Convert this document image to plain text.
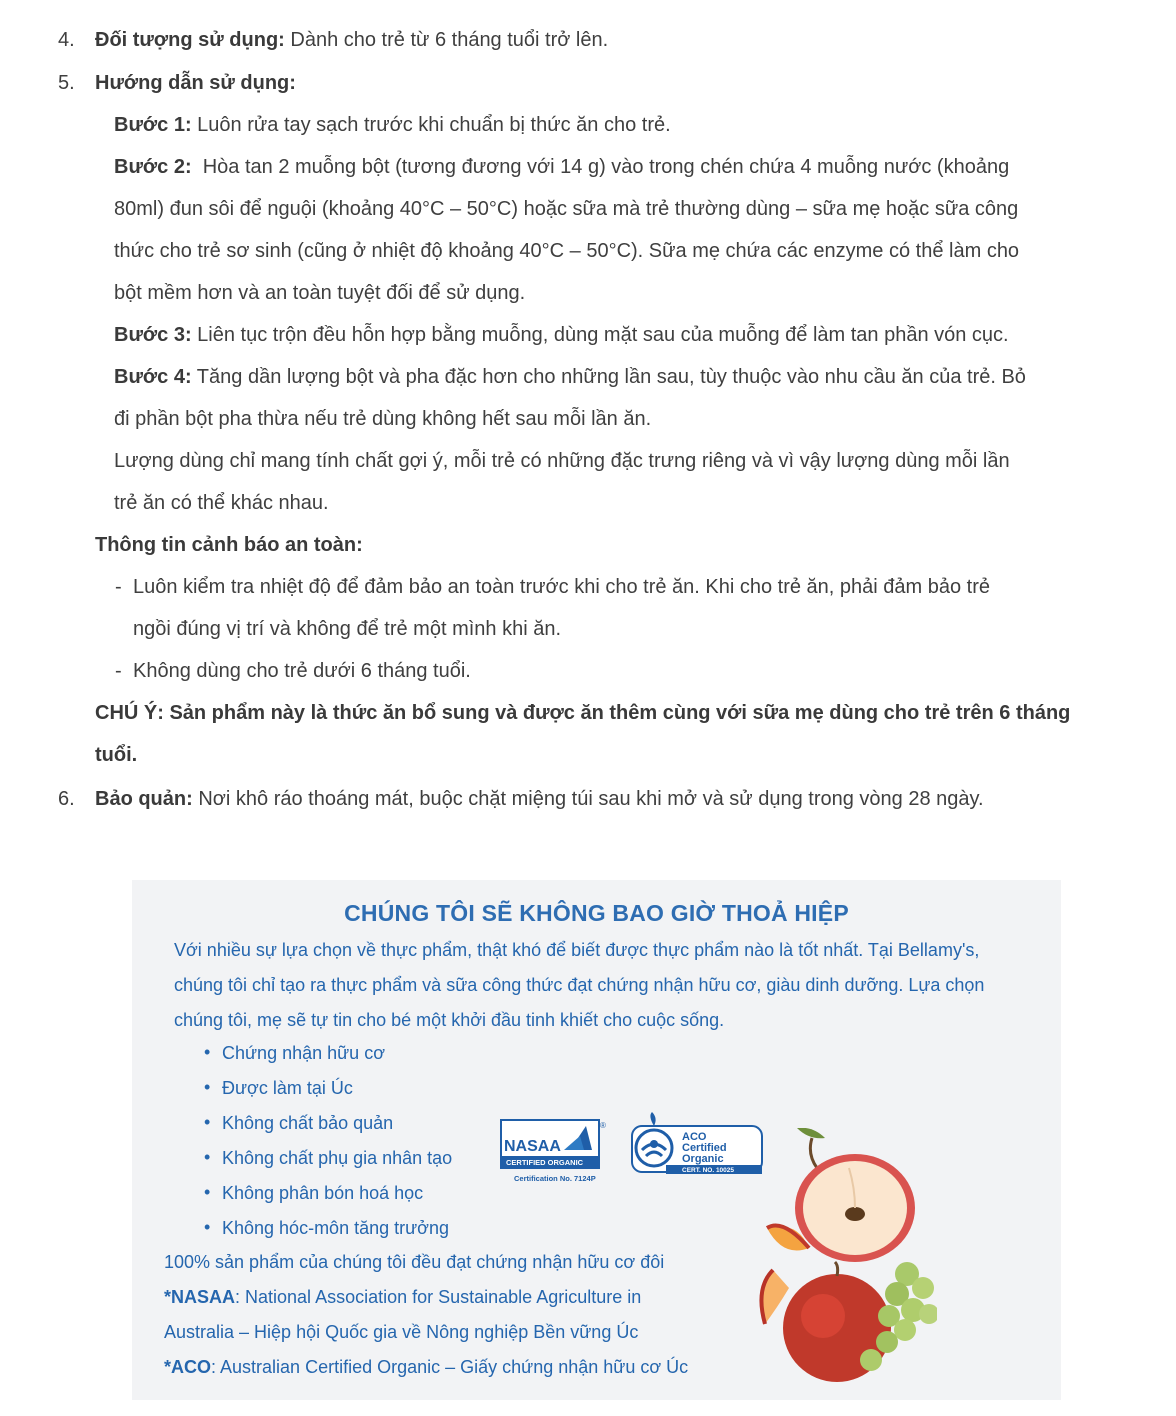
4. Đối tượng sử dụng: Dành cho trẻ từ 6 tháng tuổi trở lên.
5. Hướng dẫn sử dụng:
Bước 1: Luôn rửa tay sạch trước khi chuẩn bị thức ăn cho trẻ.
Bước 2:  Hòa tan 2 muỗng bột (tương đương với 14 g) vào trong chén chứa 4 muỗng nước (khoảng
80ml) đun sôi để nguội (khoảng 40°C – 50°C) hoặc sữa mà trẻ thường dùng – sữa mẹ hoặc sữa công
thức cho trẻ sơ sinh (cũng ở nhiệt độ khoảng 40°C – 50°C). Sữa mẹ chứa các enzyme có thể làm cho
bột mềm hơn và an toàn tuyệt đối để sử dụng.
Bước 3: Liên tục trộn đều hỗn hợp bằng muỗng, dùng mặt sau của muỗng để làm tan phần vón cục.
Bước 4: Tăng dần lượng bột và pha đặc hơn cho những lần sau, tùy thuộc vào nhu cầu ăn của trẻ. Bỏ
đi phần bột pha thừa nếu trẻ dùng không hết sau mỗi lần ăn.
Lượng dùng chỉ mang tính chất gợi ý, mỗi trẻ có những đặc trưng riêng và vì vậy lượng dùng mỗi lần
trẻ ăn có thể khác nhau.
Thông tin cảnh báo an toàn:
- Luôn kiểm tra nhiệt độ để đảm bảo an toàn trước khi cho trẻ ăn. Khi cho trẻ ăn, phải đảm bảo trẻ
ngồi đúng vị trí và không để trẻ một mình khi ăn.
- Không dùng cho trẻ dưới 6 tháng tuổi.
CHÚ Ý: Sản phẩm này là thức ăn bổ sung và được ăn thêm cùng với sữa mẹ dùng cho trẻ trên 6 tháng
tuổi.
6. Bảo quản: Nơi khô ráo thoáng mát, buộc chặt miệng túi sau khi mở và sử dụng trong vòng 28 ngày.
CHÚNG TÔI SẼ KHÔNG BAO GIỜ THOẢ HIỆP
Với nhiều sự lựa chọn về thực phẩm, thật khó để biết được thực phẩm nào là tốt nhất. Tại Bellamy's,
chúng tôi chỉ tạo ra thực phẩm và sữa công thức đạt chứng nhận hữu cơ, giàu dinh dưỡng. Lựa chọn
chúng tôi, mẹ sẽ tự tin cho bé một khởi đầu tinh khiết cho cuộc sống.
• Chứng nhận hữu cơ
• Được làm tại Úc
• Không chất bảo quản
• Không chất phụ gia nhân tạo
• Không phân bón hoá học
• Không hóc-môn tăng trưởng
100% sản phẩm của chúng tôi đều đạt chứng nhận hữu cơ đôi
*NASAA: National Association for Sustainable Agriculture in
Australia – Hiệp hội Quốc gia về Nông nghiệp Bền vững Úc
*ACO: Australian Certified Organic – Giấy chứng nhận hữu cơ Úc
NASAA
CERTIFIED ORGANIC
®
Certification No. 7124P
ACO
Certified
Organic
CERT. NO. 10025
